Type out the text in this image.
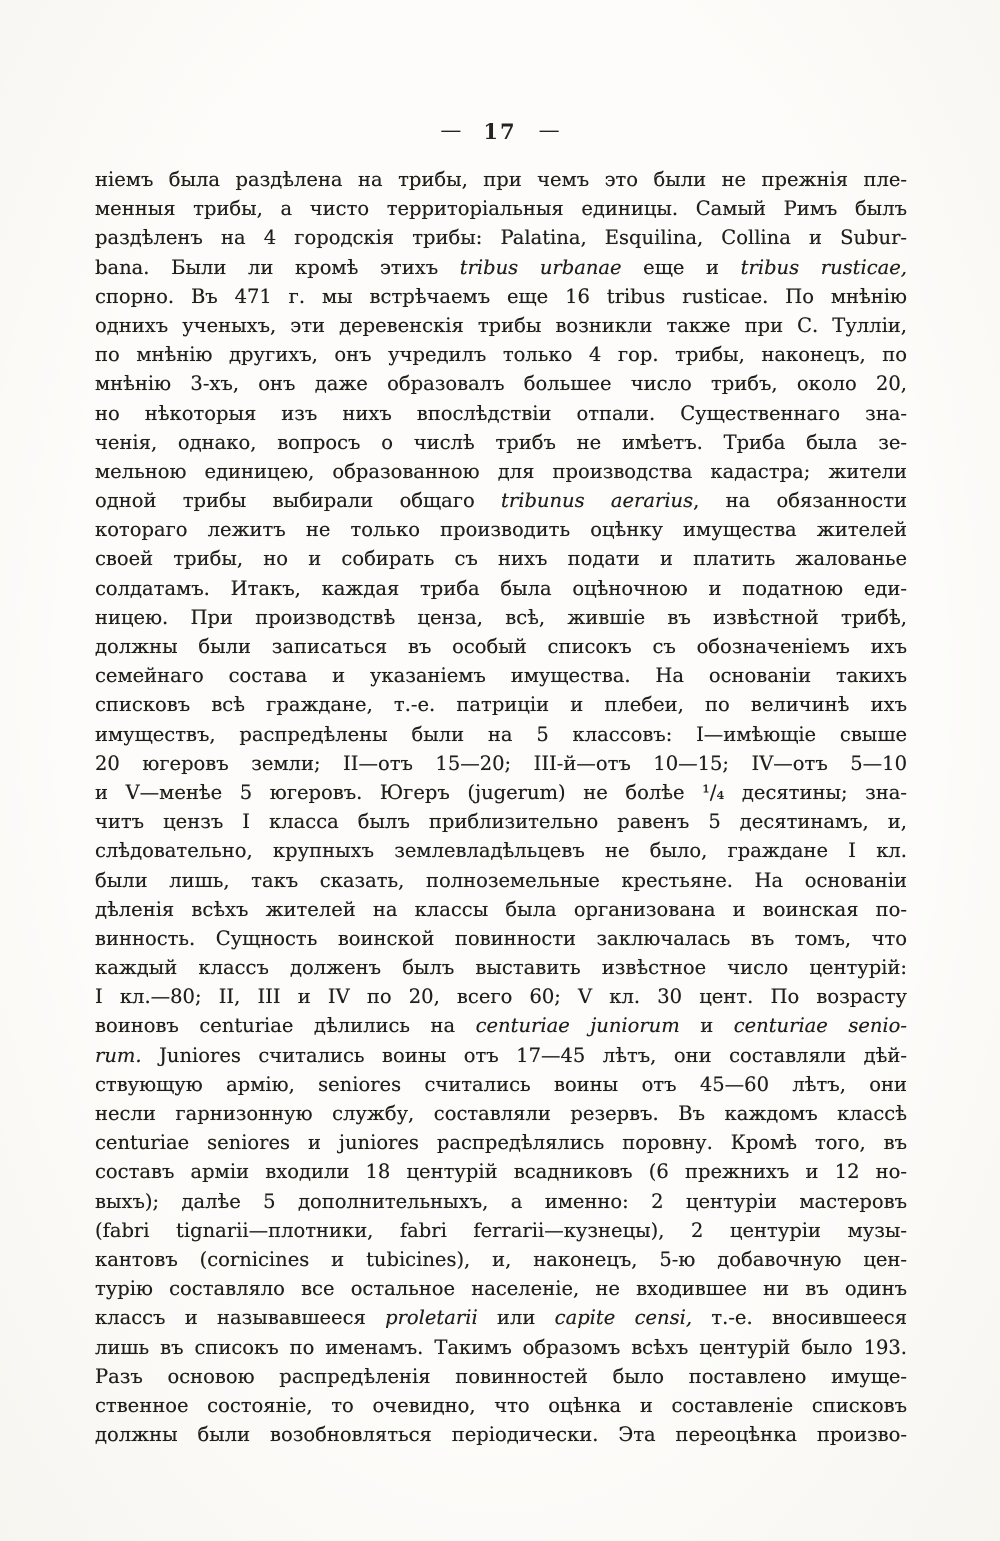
— 17 —
ніемъ была раздѣлена на трибы, при чемъ это были не прежнія пле-
менныя трибы, а чисто территоріальныя единицы. Самый Римъ былъ
раздѣленъ на 4 городскія трибы: Palatina, Esquilina, Collina и Subur-
bana. Были ли кромѣ этихъ tribus urbanae еще и tribus rusticae,
спорно. Въ 471 г. мы встрѣчаемъ еще 16 tribus rusticae. По мнѣнію
однихъ ученыхъ, эти деревенскія трибы возникли также при С. Тулліи,
по мнѣнію другихъ, онъ учредилъ только 4 гор. трибы, наконецъ, по
мнѣнію 3-хъ, онъ даже образовалъ большее число трибъ, около 20,
но нѣкоторыя изъ нихъ впослѣдствіи отпали. Существеннаго зна-
ченія, однако, вопросъ о числѣ трибъ не имѣетъ. Триба была зе-
мельною единицею, образованною для производства кадастра; жители
одной трибы выбирали общаго tribunus aerarius, на обязанности
котораго лежитъ не только производить оцѣнку имущества жителей
своей трибы, но и собирать съ нихъ подати и платить жалованье
солдатамъ. Итакъ, каждая триба была оцѣночною и податною еди-
ницею. При производствѣ ценза, всѣ, жившіе въ извѣстной трибѣ,
должны были записаться въ особый списокъ съ обозначеніемъ ихъ
семейнаго состава и указаніемъ имущества. На основаніи такихъ
списковъ всѣ граждане, т.-е. патриціи и плебеи, по величинѣ ихъ
имуществъ, распредѣлены были на 5 классовъ: I—имѣющіе свыше
20 югеровъ земли; II—отъ 15—20; III-й—отъ 10—15; IV—отъ 5—10
и V—менѣе 5 югеровъ. Югеръ (jugerum) не болѣе ¹/₄ десятины; зна-
читъ цензъ I класса былъ приблизительно равенъ 5 десятинамъ, и,
слѣдовательно, крупныхъ землевладѣльцевъ не было, граждане I кл.
были лишь, такъ сказать, полноземельные крестьяне. На основаніи
дѣленія всѣхъ жителей на классы была организована и воинская по-
винность. Сущность воинской повинности заключалась въ томъ, что
каждый классъ долженъ былъ выставить извѣстное число центурій:
I кл.—80; II, III и IV по 20, всего 60; V кл. 30 цент. По возрасту
воиновъ centuriae дѣлились на centuriae juniorum и centuriae senio-
rum. Juniores считались воины отъ 17—45 лѣтъ, они составляли дѣй-
ствующую армію, seniores считались воины отъ 45—60 лѣтъ, они
несли гарнизонную службу, составляли резервъ. Въ каждомъ классѣ
centuriae seniores и juniores распредѣлялись поровну. Кромѣ того, въ
составъ арміи входили 18 центурій всадниковъ (6 прежнихъ и 12 но-
выхъ); далѣе 5 дополнительныхъ, а именно: 2 центуріи мастеровъ
(fabri tignarii—плотники, fabri ferrarii—кузнецы), 2 центуріи музы-
кантовъ (cornicines и tubicines), и, наконецъ, 5-ю добавочную цен-
турію составляло все остальное населеніе, не входившее ни въ одинъ
классъ и называвшееся proletarii или capite censi, т.-е. вносившееся
лишь въ списокъ по именамъ. Такимъ образомъ всѣхъ центурій было 193.
Разъ основою распредѣленія повинностей было поставлено имуще-
ственное состояніе, то очевидно, что оцѣнка и составленіе списковъ
должны были возобновляться періодически. Эта переоцѣнка произво-
